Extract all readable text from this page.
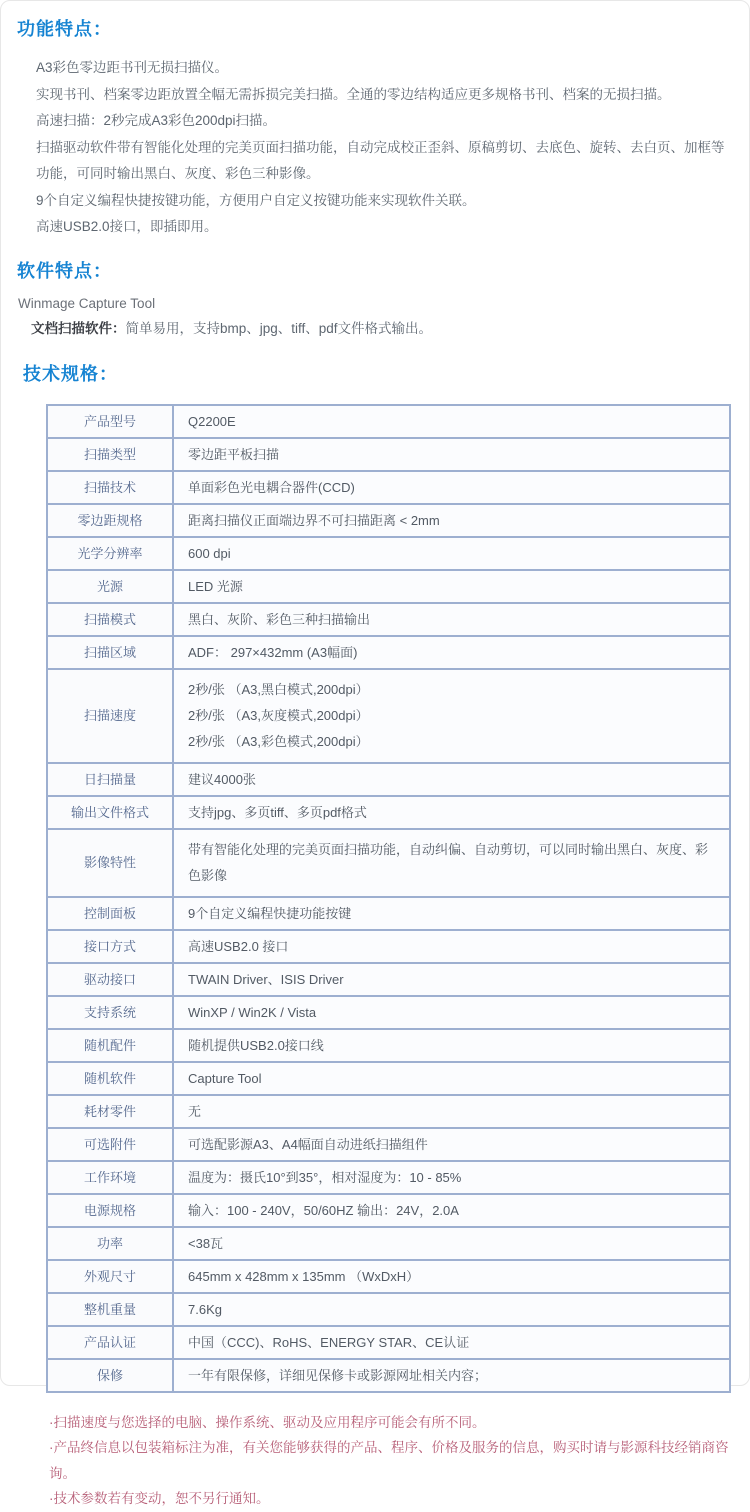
功能特点：
A3彩色零边距书刊无损扫描仪。
实现书刊、档案零边距放置全幅无需拆损完美扫描。全通的零边结构适应更多规格书刊、档案的无损扫描。
高速扫描：2秒完成A3彩色200dpi扫描。
扫描驱动软件带有智能化处理的完美页面扫描功能，自动完成校正歪斜、原稿剪切、去底色、旋转、去白页、加框等功能，可同时输出黑白、灰度、彩色三种影像。
9个自定义编程快捷按键功能，方便用户自定义按键功能来实现软件关联。
高速USB2.0接口，即插即用。
软件特点：
Winmage Capture Tool

文档扫描软件：简单易用，支持bmp、jpg、tiff、pdf文件格式输出。

技术规格：
产品型号	Q2200E
扫描类型	零边距平板扫描
扫描技术	单面彩色光电耦合器件(CCD)
零边距规格	距离扫描仪正面端边界不可扫描距离 < 2mm
光学分辨率	600 dpi
光源	LED 光源
扫描模式	黑白、灰阶、彩色三种扫描输出
扫描区域	ADF： 297×432mm (A3幅面)
扫描速度	2秒/张 （A3,黑白模式,200dpi）
2秒/张 （A3,灰度模式,200dpi）
2秒/张 （A3,彩色模式,200dpi）

日扫描量	建议4000张
输出文件格式	支持jpg、多页tiff、多页pdf格式
影像特性	带有智能化处理的完美页面扫描功能，自动纠偏、自动剪切，可以同时输出黑白、灰度、彩色影像
控制面板	9个自定义编程快捷功能按键
接口方式	高速USB2.0 接口
驱动接口	TWAIN Driver、ISIS Driver
支持系统	WinXP / Win2K / Vista
随机配件	随机提供USB2.0接口线
随机软件	Capture Tool
耗材零件	无
可选附件	可选配影源A3、A4幅面自动进纸扫描组件
工作环境	温度为：摄氏10°到35°，相对湿度为：10 - 85%
电源规格	输入：100 - 240V，50/60HZ 输出：24V，2.0A
功率	<38瓦
外观尺寸	645mm x 428mm x 135mm （WxDxH）
整机重量	7.6Kg
产品认证	中国（CCC)、RoHS、ENERGY STAR、CE认证
保修	一年有限保修，详细见保修卡或影源网址相关内容；
·扫描速度与您选择的电脑、操作系统、驱动及应用程序可能会有所不同。
·产品终信息以包装箱标注为准，有关您能够获得的产品、程序、价格及服务的信息，购买时请与影源科技经销商咨询。
·技术参数若有变动，恕不另行通知。
